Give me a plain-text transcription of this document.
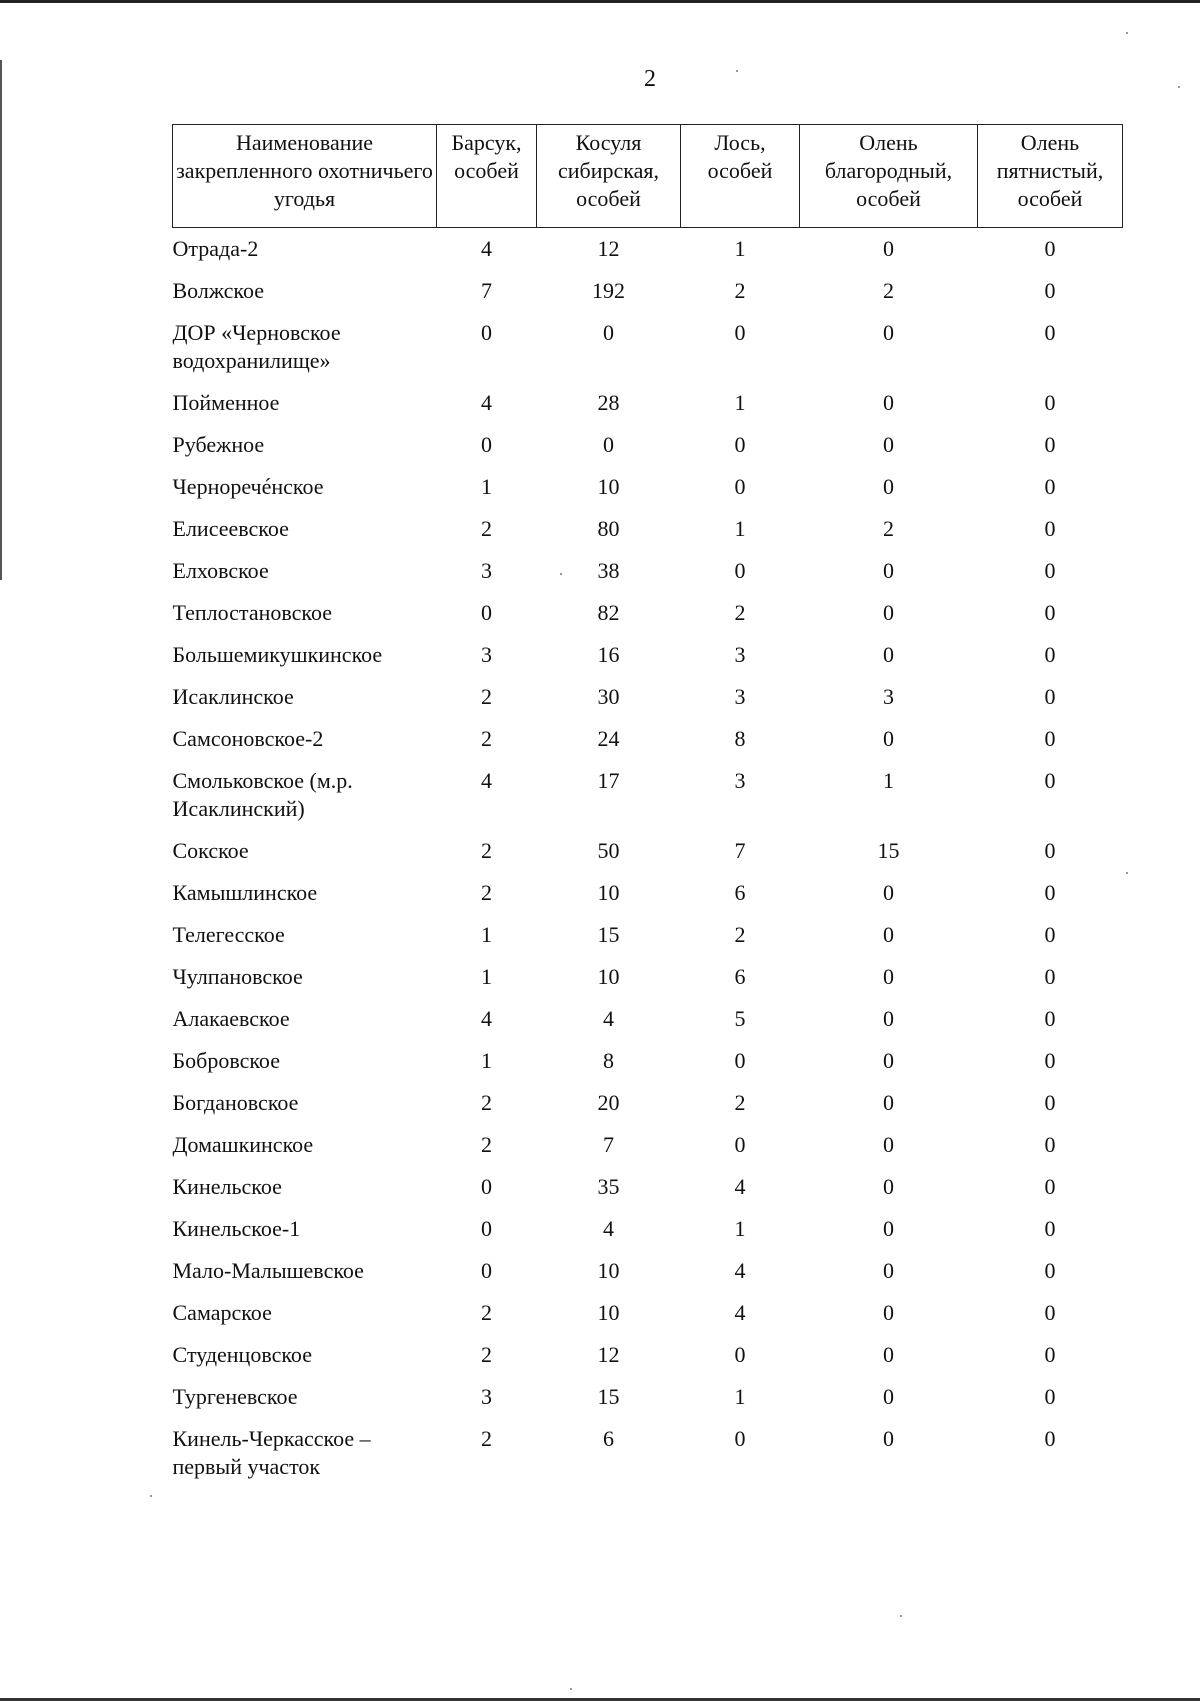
2
Наименование закрепленного охотничьего угодья	Барсук, особей	Косуля сибирская, особей	Лось, особей	Олень благородный, особей	Олень пятнистый, особей
Отрада-2	4	12	1	0	0
Волжское	7	192	2	2	0
ДОР «Черновское водохранилище»	0	0	0	0	0
Пойменное	4	28	1	0	0
Рубежное	0	0	0	0	0
Черноречéнское	1	10	0	0	0
Елисеевское	2	80	1	2	0
Елховское	3	38	0	0	0
Теплостановское	0	82	2	0	0
Большемикушкинское	3	16	3	0	0
Исаклинское	2	30	3	3	0
Самсоновское-2	2	24	8	0	0
Смольковское (м.р. Исаклинский)	4	17	3	1	0
Сокское	2	50	7	15	0
Камышлинское	2	10	6	0	0
Телегесское	1	15	2	0	0
Чулпановское	1	10	6	0	0
Алакаевское	4	4	5	0	0
Бобровское	1	8	0	0	0
Богдановское	2	20	2	0	0
Домашкинское	2	7	0	0	0
Кинельское	0	35	4	0	0
Кинельское-1	0	4	1	0	0
Мало-Малышевское	0	10	4	0	0
Самарское	2	10	4	0	0
Студенцовское	2	12	0	0	0
Тургеневское	3	15	1	0	0
Кинель-Черкасское – первый участок	2	6	0	0	0
